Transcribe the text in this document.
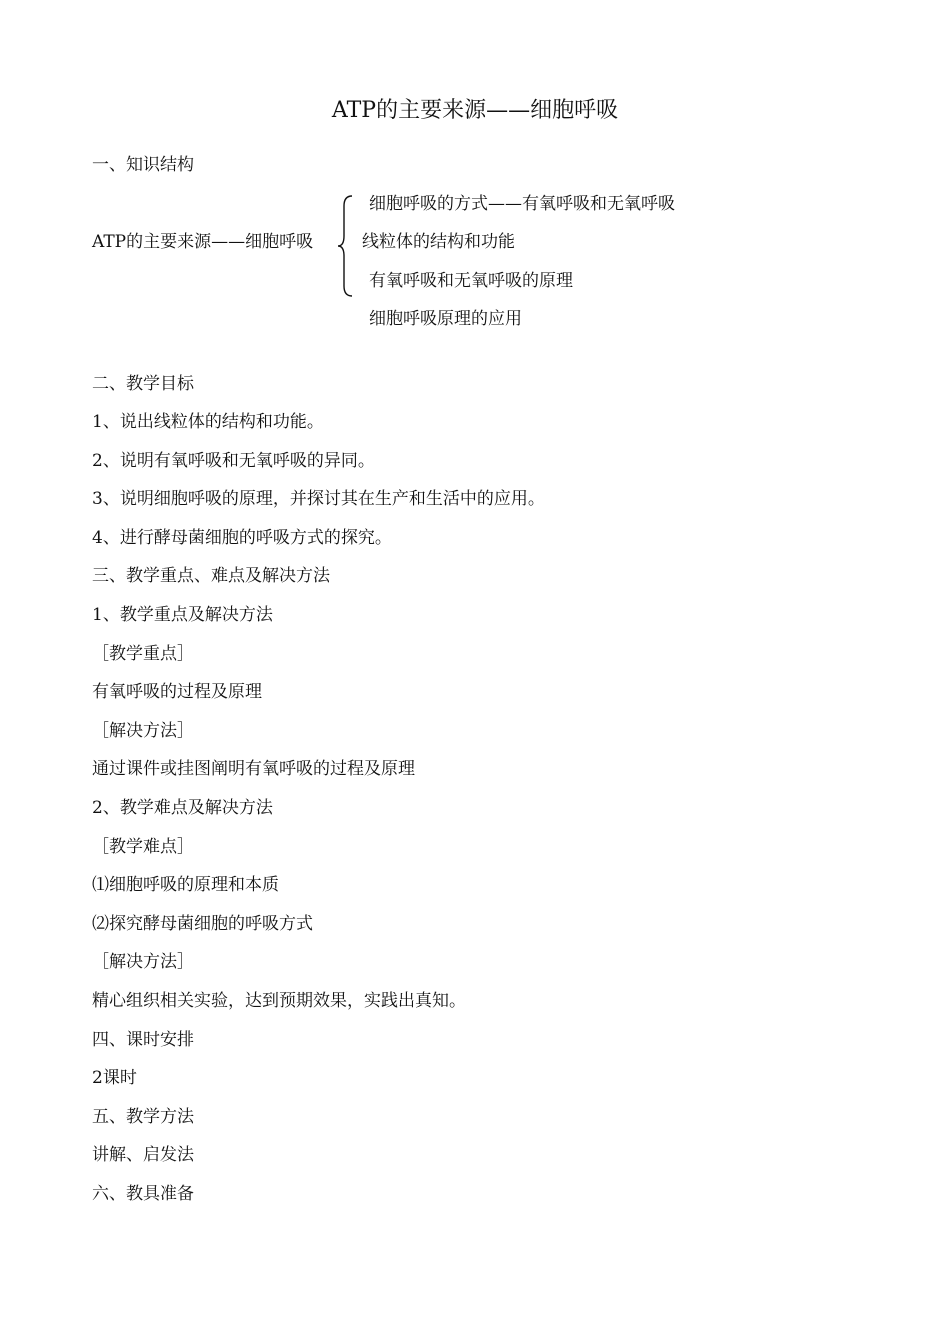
ATP的主要来源——细胞呼吸
一、知识结构
ATP的主要来源——细胞呼吸
细胞呼吸的方式——有氧呼吸和无氧呼吸
线粒体的结构和功能
有氧呼吸和无氧呼吸的原理
细胞呼吸原理的应用
二、教学目标
1、说出线粒体的结构和功能。
2、说明有氧呼吸和无氧呼吸的异同。
3、说明细胞呼吸的原理，并探讨其在生产和生活中的应用。
4、进行酵母菌细胞的呼吸方式的探究。
三、教学重点、难点及解决方法
1、教学重点及解决方法
［教学重点］
有氧呼吸的过程及原理
［解决方法］
通过课件或挂图阐明有氧呼吸的过程及原理
2、教学难点及解决方法
［教学难点］
⑴细胞呼吸的原理和本质
⑵探究酵母菌细胞的呼吸方式
［解决方法］
精心组织相关实验，达到预期效果，实践出真知。
四、课时安排
2课时
五、教学方法
讲解、启发法
六、教具准备
